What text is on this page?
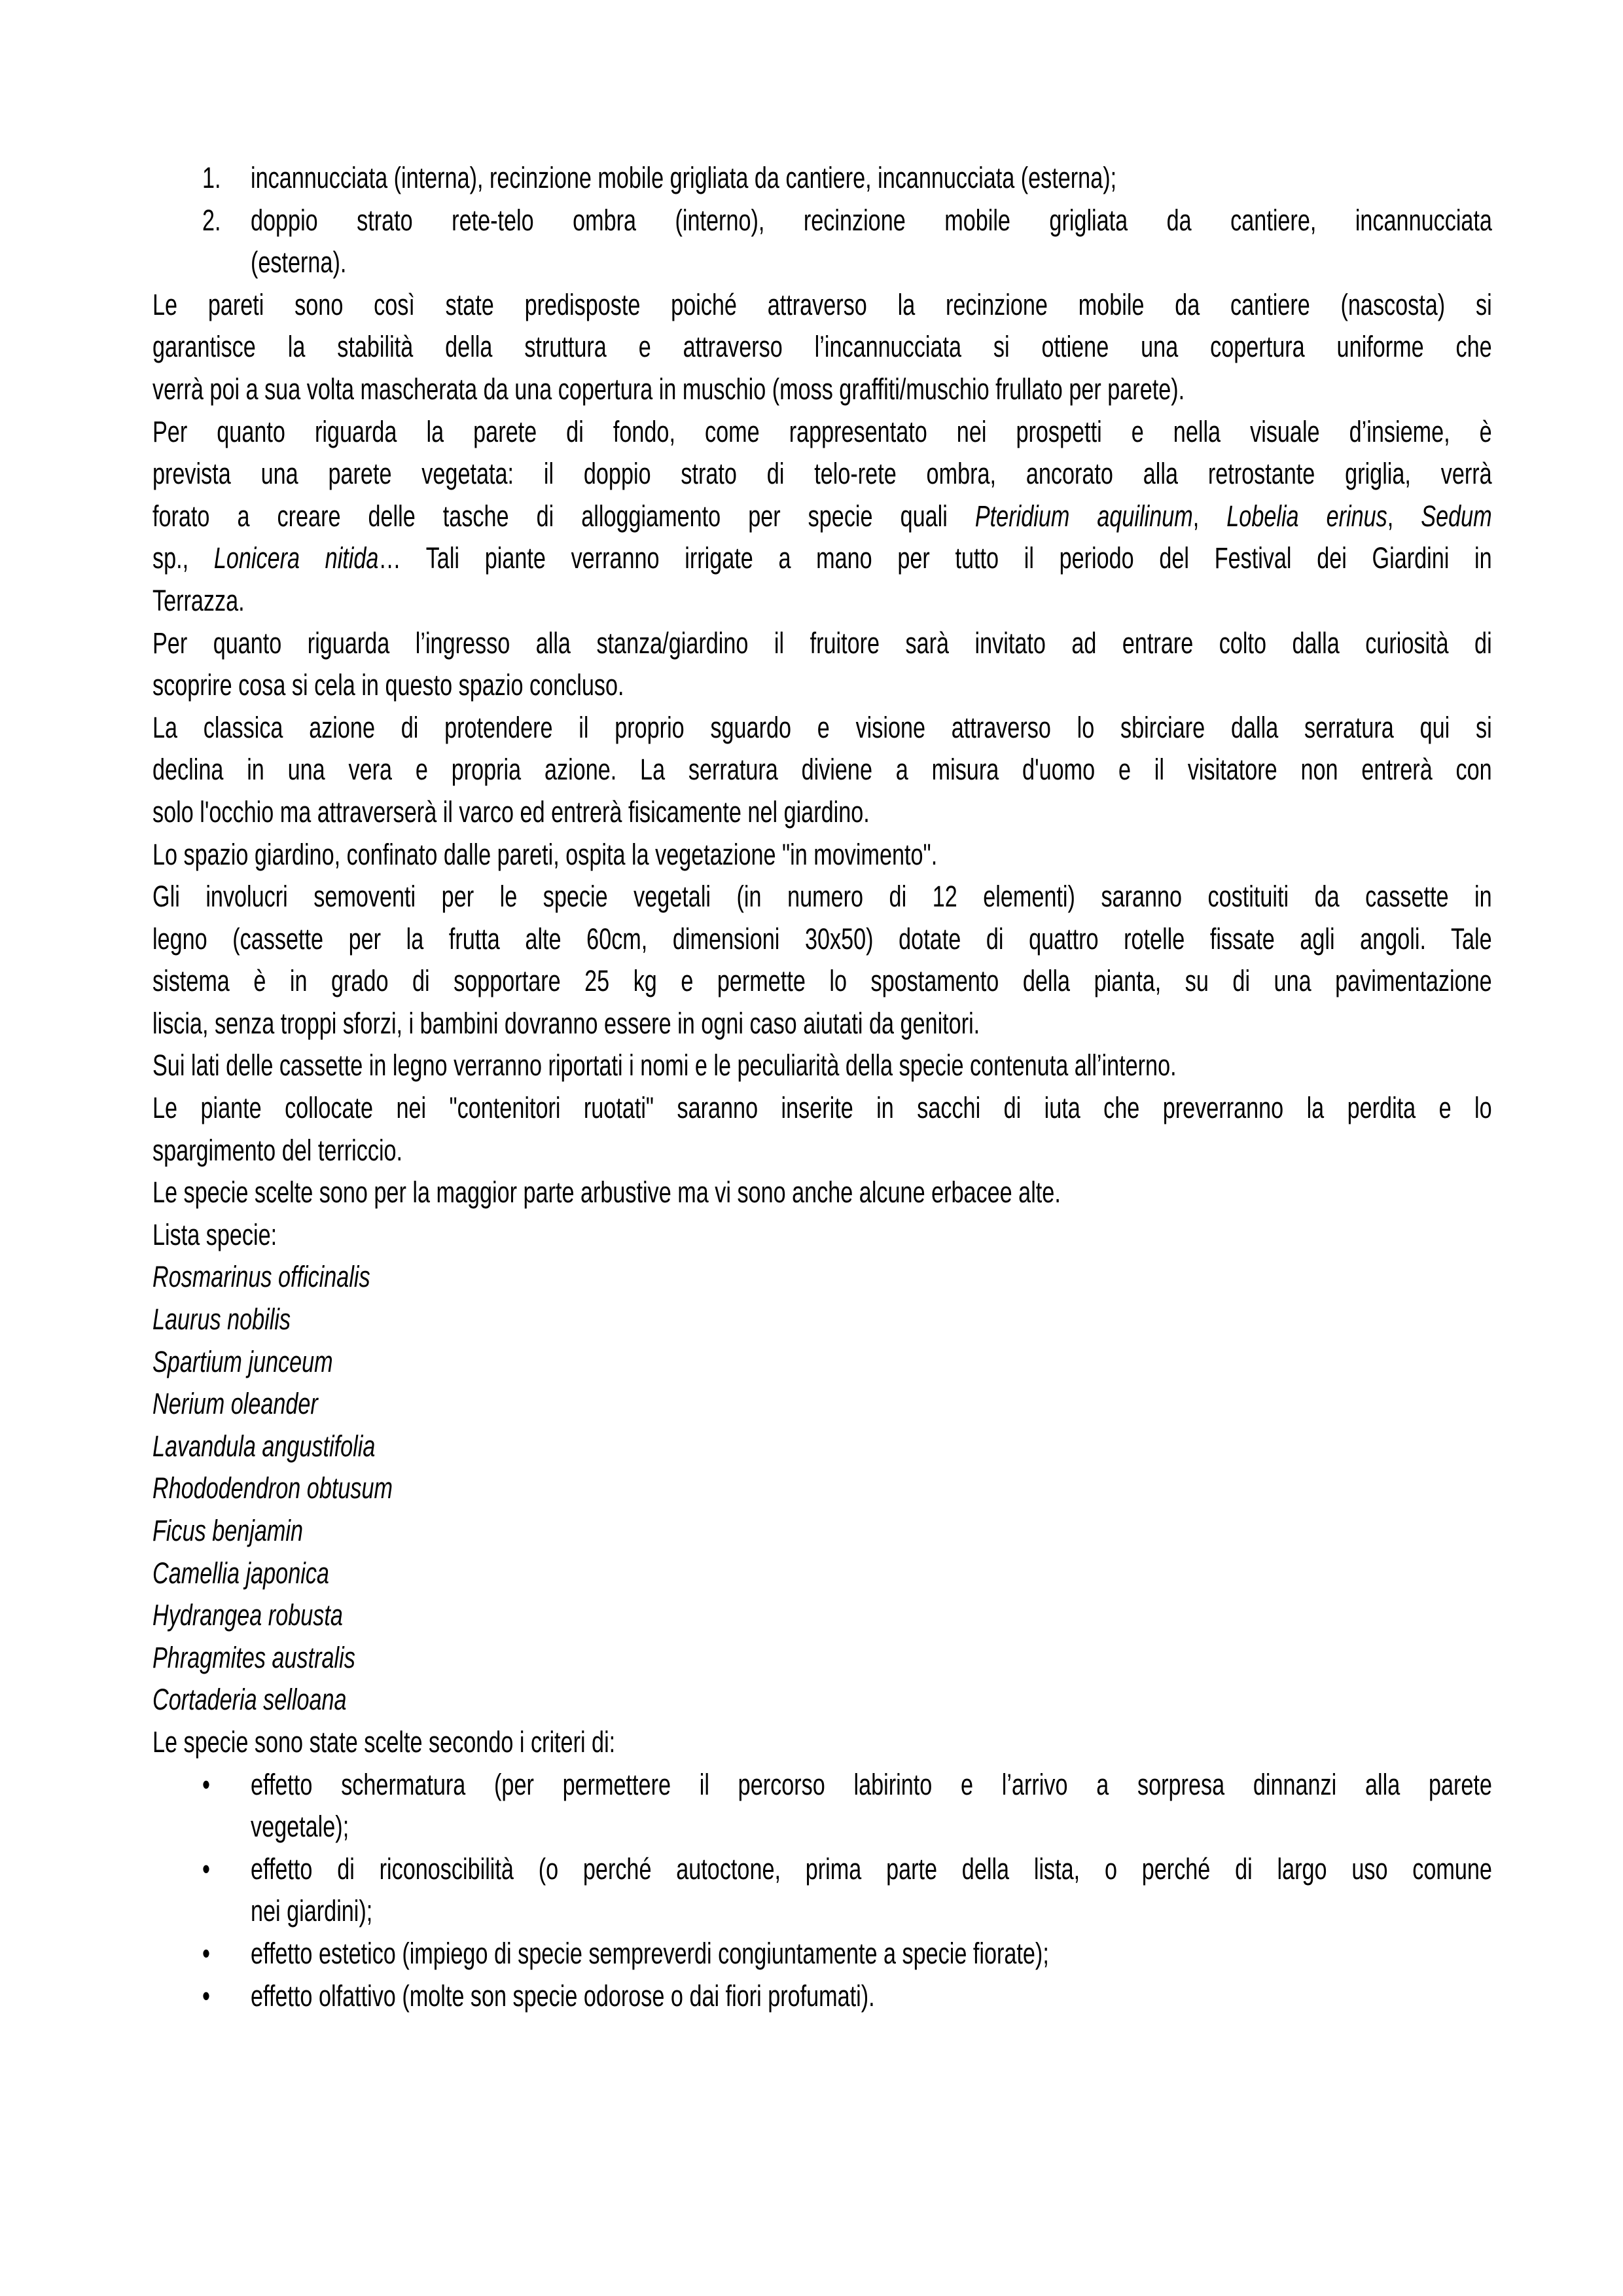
1. incannucciata (interna), recinzione mobile grigliata da cantiere, incannucciata (esterna);
2. doppio strato rete-telo ombra (interno), recinzione mobile grigliata da cantiere, incannucciata
(esterna).
Le pareti sono così state predisposte poiché attraverso la recinzione mobile da cantiere (nascosta) si
garantisce la stabilità della struttura e attraverso l’incannucciata si ottiene una copertura uniforme che
verrà poi a sua volta mascherata da una copertura in muschio (moss graffiti/muschio frullato per parete).
Per quanto riguarda la parete di fondo, come rappresentato nei prospetti e nella visuale d’insieme, è
prevista una parete vegetata: il doppio strato di telo-rete ombra, ancorato alla retrostante griglia, verrà
forato a creare delle tasche di alloggiamento per specie quali Pteridium aquilinum, Lobelia erinus, Sedum
sp., Lonicera nitida… Tali piante verranno irrigate a mano per tutto il periodo del Festival dei Giardini in
Terrazza.
Per quanto riguarda l’ingresso alla stanza/giardino il fruitore sarà invitato ad entrare colto dalla curiosità di
scoprire cosa si cela in questo spazio concluso.
La classica azione di protendere il proprio sguardo e visione attraverso lo sbirciare dalla serratura qui si
declina in una vera e propria azione. La serratura diviene a misura d'uomo e il visitatore non entrerà con
solo l'occhio ma attraverserà il varco ed entrerà fisicamente nel giardino.
Lo spazio giardino, confinato dalle pareti, ospita la vegetazione "in movimento".
Gli involucri semoventi per le specie vegetali (in numero di 12 elementi) saranno costituiti da cassette in
legno (cassette per la frutta alte 60cm, dimensioni 30x50) dotate di quattro rotelle fissate agli angoli. Tale
sistema è in grado di sopportare 25 kg e permette lo spostamento della pianta, su di una pavimentazione
liscia, senza troppi sforzi, i bambini dovranno essere in ogni caso aiutati da genitori.
Sui lati delle cassette in legno verranno riportati i nomi e le peculiarità della specie contenuta all’interno.
Le piante collocate nei "contenitori ruotati" saranno inserite in sacchi di iuta che preverranno la perdita e lo
spargimento del terriccio.
Le specie scelte sono per la maggior parte arbustive ma vi sono anche alcune erbacee alte.
Lista specie:
Rosmarinus officinalis
Laurus nobilis
Spartium junceum
Nerium oleander
Lavandula angustifolia
Rhododendron obtusum
Ficus benjamin
Camellia japonica
Hydrangea robusta
Phragmites australis
Cortaderia selloana
Le specie sono state scelte secondo i criteri di:
• effetto schermatura (per permettere il percorso labirinto e l’arrivo a sorpresa dinnanzi alla parete
vegetale);
• effetto di riconoscibilità (o perché autoctone, prima parte della lista, o perché di largo uso comune
nei giardini);
• effetto estetico (impiego di specie sempreverdi congiuntamente a specie fiorate);
• effetto olfattivo (molte son specie odorose o dai fiori profumati).
